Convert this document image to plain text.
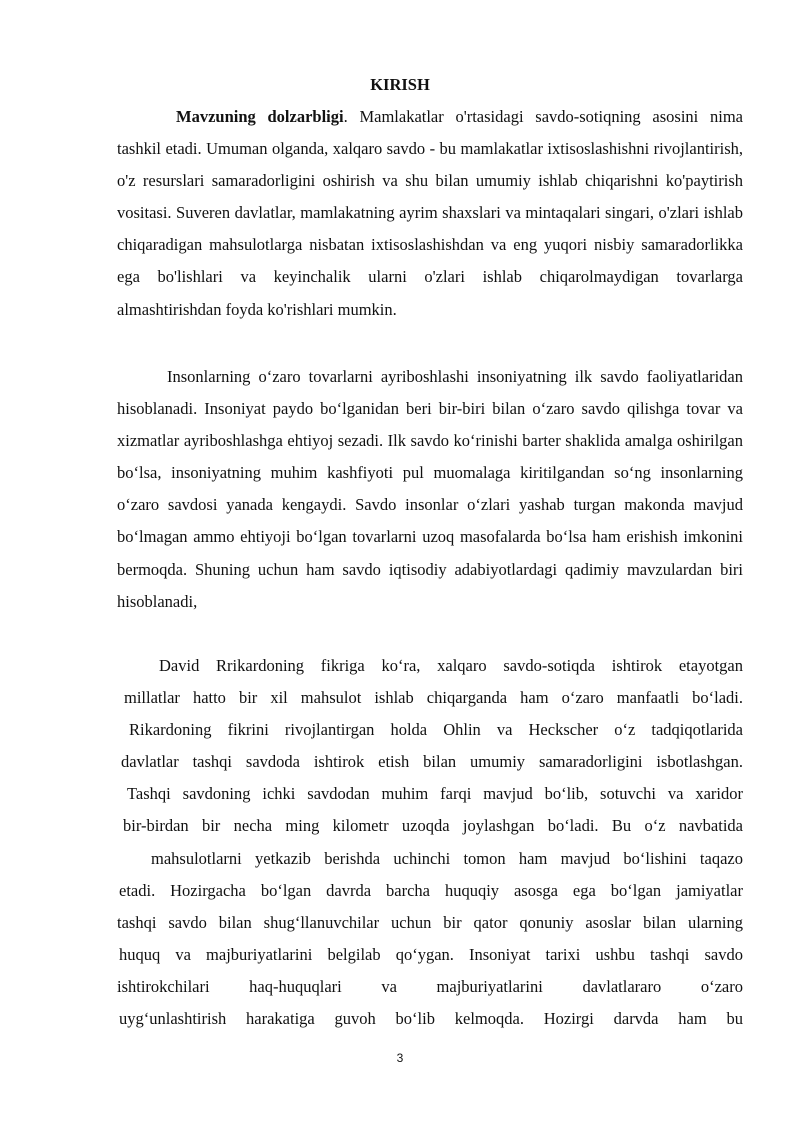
KIRISH
Mavzuning dolzarbligi. Mamlakatlar o'rtasidagi savdo-sotiqning asosini nima tashkil etadi. Umuman olganda, xalqaro savdo - bu mamlakatlar ixtisoslashishni rivojlantirish, o'z resurslari samaradorligini oshirish va shu bilan umumiy ishlab chiqarishni ko'paytirish vositasi. Suveren davlatlar, mamlakatning ayrim shaxslari va mintaqalari singari, o'zlari ishlab chiqaradigan mahsulotlarga nisbatan ixtisoslashishdan va eng yuqori nisbiy samaradorlikka ega bo'lishlari va keyinchalik ularni o'zlari ishlab chiqarolmaydigan tovarlarga almashtirishdan foyda ko'rishlari mumkin.
Insonlarning o‘zaro tovarlarni ayriboshlashi insoniyatning ilk savdo faoliyatlaridan hisoblanadi. Insoniyat paydo bo‘lganidan beri bir-biri bilan o‘zaro savdo qilishga tovar va xizmatlar ayriboshlashga ehtiyoj sezadi. Ilk savdo ko‘rinishi barter shaklida amalga oshirilgan bo‘lsa, insoniyatning muhim kashfiyoti pul muomalaga kiritilgandan so‘ng insonlarning o‘zaro savdosi yanada kengaydi. Savdo insonlar o‘zlari yashab turgan makonda mavjud bo‘lmagan ammo ehtiyoji bo‘lgan tovarlarni uzoq masofalarda bo‘lsa ham erishish imkonini bermoqda. Shuning uchun ham savdo iqtisodiy adabiyotlardagi qadimiy mavzulardan biri hisoblanadi,
David Rrikardoning fikriga ko‘ra, xalqaro savdo-sotiqda ishtirok etayotgan
millatlar hatto bir xil mahsulot ishlab chiqarganda ham o‘zaro manfaatli bo‘ladi.
Rikardoning fikrini rivojlantirgan holda Ohlin va Heckscher o‘z tadqiqotlarida
davlatlar tashqi savdoda ishtirok etish bilan umumiy samaradorligini isbotlashgan.
Tashqi savdoning ichki savdodan muhim farqi mavjud bo‘lib, sotuvchi va xaridor
bir-birdan bir necha ming kilometr uzoqda joylashgan bo‘ladi. Bu o‘z navbatida
mahsulotlarni yetkazib berishda uchinchi tomon ham mavjud bo‘lishini taqazo
etadi. Hozirgacha bo‘lgan davrda barcha huquqiy asosga ega bo‘lgan jamiyatlar
tashqi savdo bilan shug‘llanuvchilar uchun bir qator qonuniy asoslar bilan ularning
huquq va majburiyatlarini belgilab qo‘ygan. Insoniyat tarixi ushbu tashqi savdo
ishtirokchilari haq-huquqlari va majburiyatlarini davlatlararo o‘zaro
uyg‘unlashtirish harakatiga guvoh bo‘lib kelmoqda. Hozirgi darvda ham bu
3
